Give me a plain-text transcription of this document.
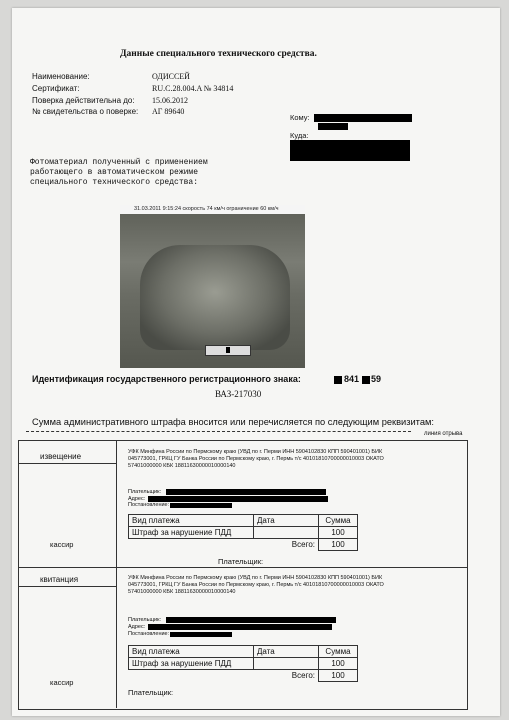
Данные специального технического средства.
Наименование:	ОДИССЕЙ
Сертификат:	RU.C.28.004.A № 34814
Поверка действительна до: 15.06.2012
№ свидетельства о поверке: АГ 89640
Кому:
Куда:
Фотоматериал полученный с применением работающего в автоматическом режиме специального технического средства:
31.03.2011 9:15:24 скорость 74 км/ч ограничение 60 км/ч

Идентификация государственного регистрационного знака:	841 59
ВАЗ-217030
Сумма административного штрафа вносится или перечисляется по следующим реквизитам:
линия отрыва
извещение
кассир
УФК Минфина России по Пермскому краю (УВД по г. Перми ИНН 5904102830 КПП 590401001) БИК 045773001, ГРКЦ ГУ Банка России по Пермскому краю, г. Пермь т/с 40101810700000010003 ОКАТО 57401000000 КБК 18811630000010000140
Плательщик:
Адрес:
Постановление:
Вид платежа	Дата	Сумма
Штраф за нарушение ПДД		100
Всего:		100
Плательщик:
квитанция
кассир
УФК Минфина России по Пермскому краю (УВД по г. Перми ИНН 5904102830 КПП 590401001) БИК 045773001, ГРКЦ ГУ Банка России по Пермскому краю, г. Пермь т/с 40101810700000010003 ОКАТО 57401000000 КБК 18811630000010000140
Плательщик:
Адрес:
Постановление:
Вид платежа	Дата	Сумма
Штраф за нарушение ПДД		100
Всего:		100
Плательщик:
